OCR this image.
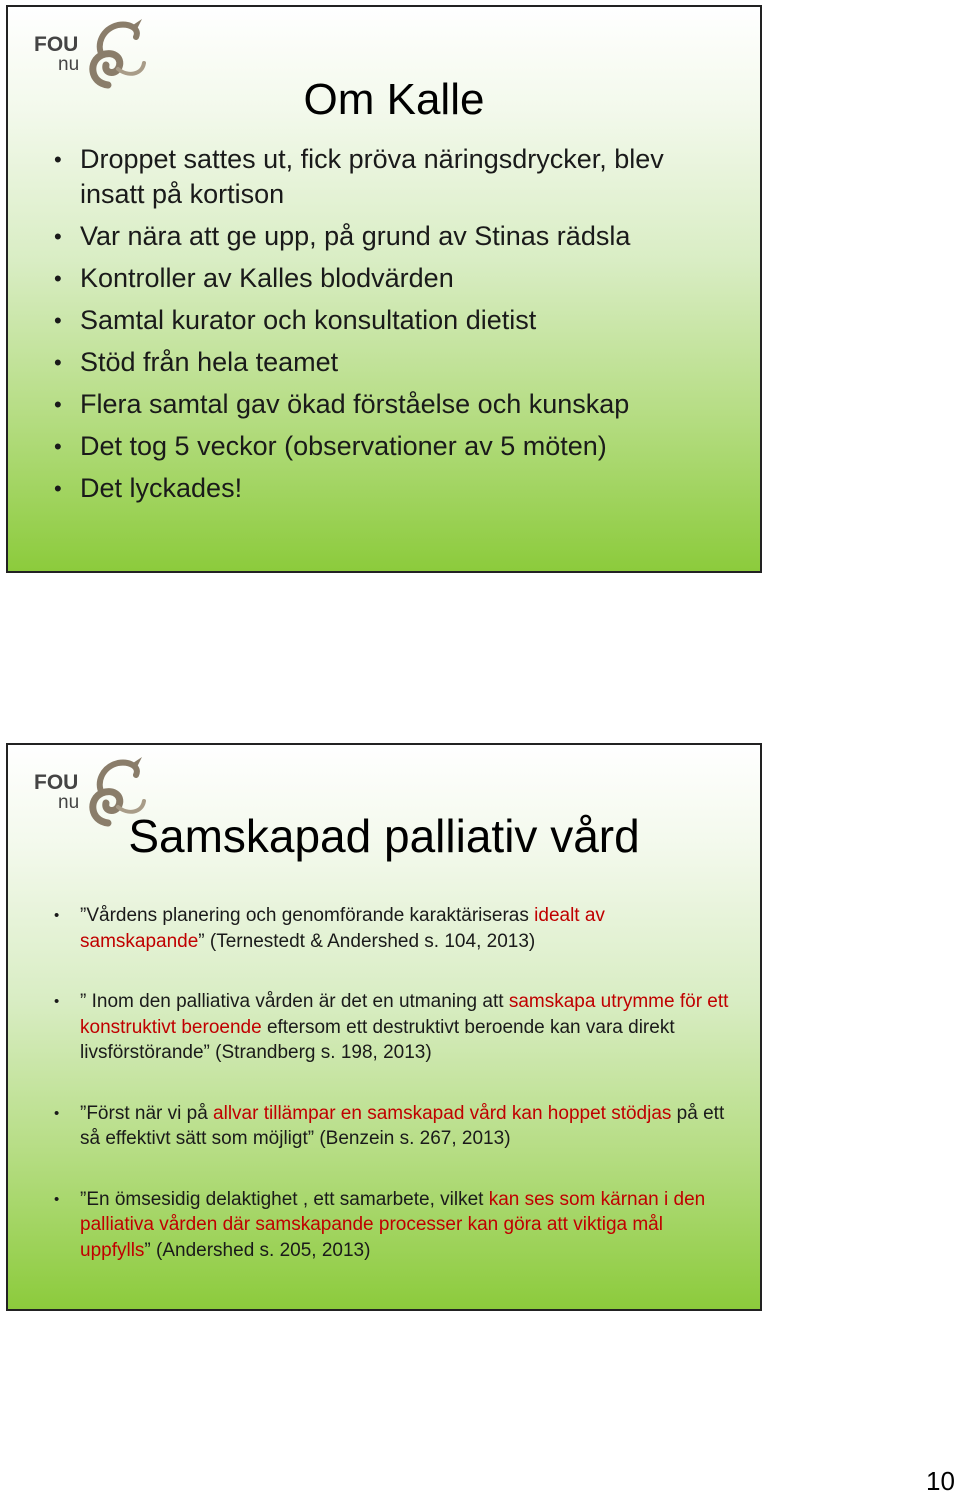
FOU
nu
Om Kalle
• Droppet sattes ut, fick pröva näringsdrycker, blev insatt på kortison
• Var nära att ge upp, på grund av Stinas rädsla
• Kontroller av Kalles blodvärden
• Samtal kurator och konsultation dietist
• Stöd från hela teamet
• Flera samtal gav ökad förståelse och kunskap
• Det tog 5 veckor (observationer av 5 möten)
• Det lyckades!
FOU
nu
Samskapad palliativ vård
• ”Vårdens planering och genomförande karaktäriseras idealt av samskapande” (Ternestedt & Andershed s. 104, 2013)
• ” Inom den palliativa vården är det en utmaning att samskapa utrymme för ett konstruktivt beroende eftersom ett destruktivt beroende kan vara direkt livsförstörande” (Strandberg s. 198, 2013)
• ”Först när vi på allvar tillämpar en samskapad vård kan hoppet stödjas på ett så effektivt sätt som möjligt” (Benzein s. 267, 2013)
• ”En ömsesidig delaktighet , ett samarbete, vilket kan ses som kärnan i den palliativa vården där samskapande processer kan göra att viktiga mål uppfylls” (Andershed s. 205, 2013)
10
